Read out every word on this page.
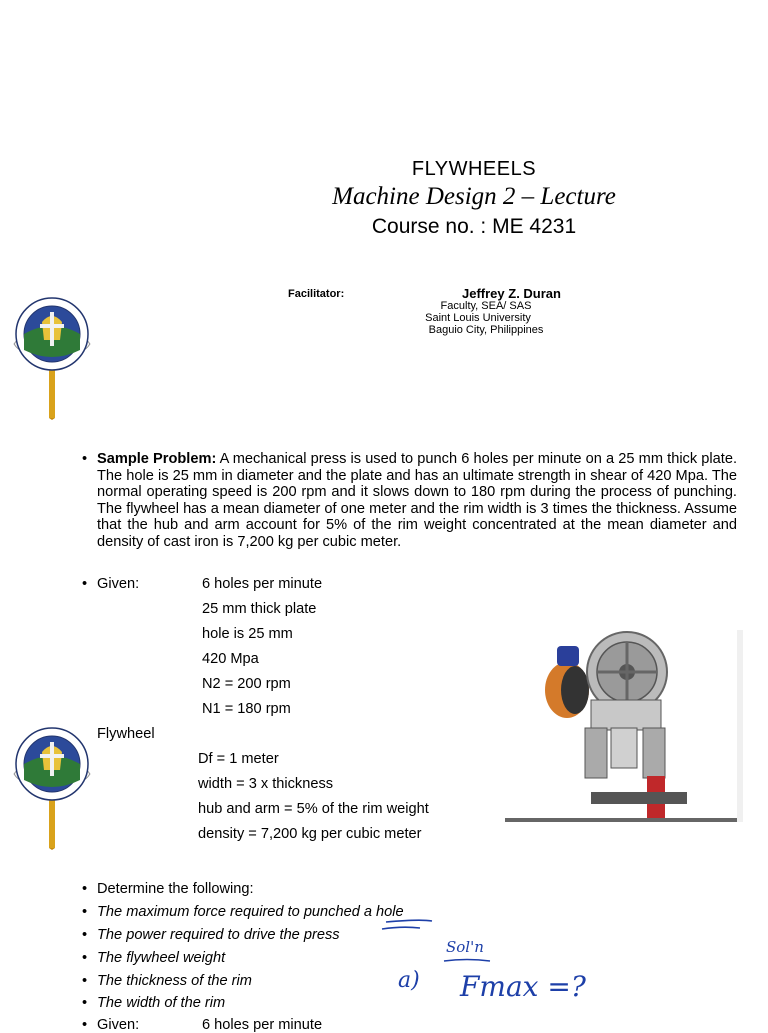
FLYWHEELS
Machine Design 2 – Lecture
Course no. : ME 4231
Facilitator:	Jeffrey Z. Duran
Faculty, SEA/ SAS
Saint Louis University
Baguio City, Philippines
• Sample Problem: A mechanical press is used to punch 6 holes per minute on a 25 mm thick plate. The hole is 25 mm in diameter and the plate and has an ultimate strength in shear of 420 Mpa. The normal operating speed is 200 rpm and it slows down to 180 rpm during the process of punching. The flywheel has a mean diameter of one meter and the rim width is 3 times the thickness. Assume that the hub and arm account for 5% of the rim weight concentrated at the mean diameter and density of cast iron is 7,200 kg per cubic meter.
• Given:	6 holes per minute
25 mm thick plate
hole is 25 mm
420 Mpa
N2 = 200 rpm
N1 = 180 rpm
Flywheel
Df = 1 meter
width = 3 x thickness
hub and arm = 5% of the rim weight
density = 7,200 kg per cubic meter
• Determine the following:
• The maximum force required to punched a hole
• The power required to drive the press
• The flywheel weight
• The thickness of the rim
• The width of the rim
• Given:	6 holes per minute
Sol'n
a) Fmax =?
